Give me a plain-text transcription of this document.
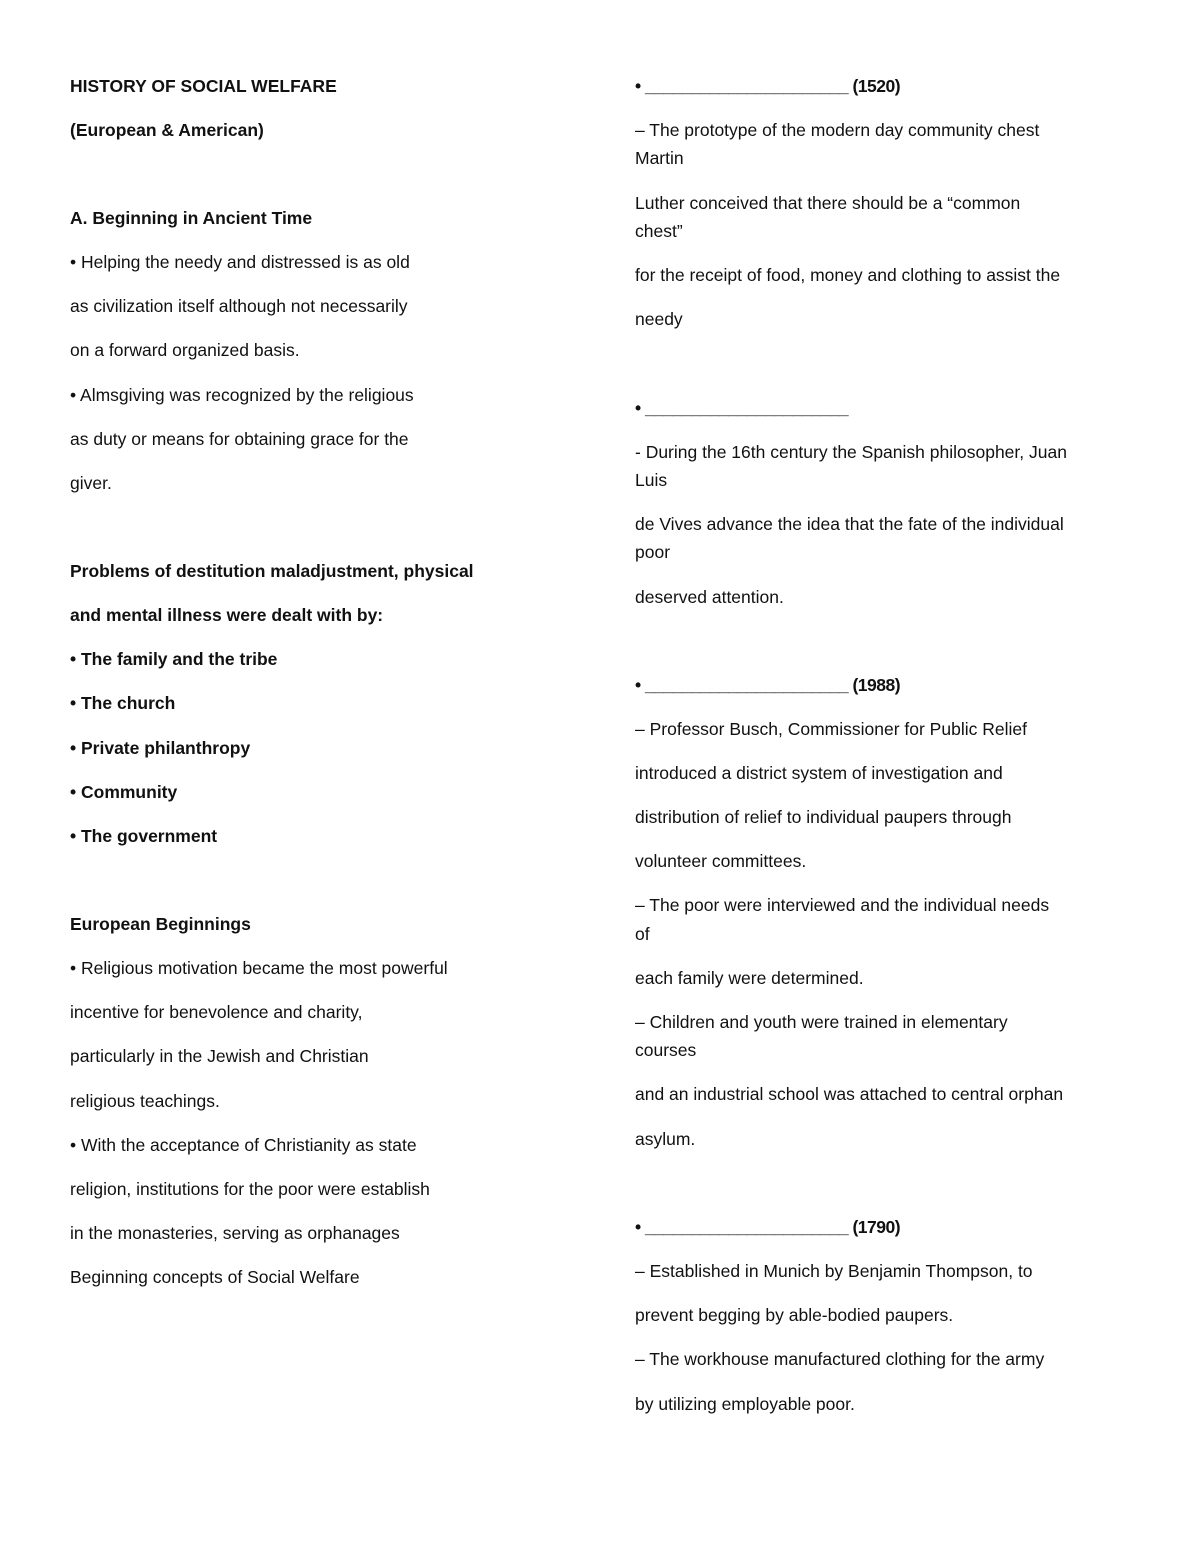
HISTORY OF SOCIAL WELFARE
(European & American)
A. Beginning in Ancient Time
• Helping the needy and distressed is as old
as civilization itself although not necessarily
on a forward organized basis.
• Almsgiving was recognized by the religious
as duty or means for obtaining grace for the
giver.
Problems of destitution maladjustment, physical
and mental illness were dealt with by:
• The family and the tribe
• The church
• Private philanthropy
• Community
• The government
European Beginnings
• Religious motivation became the most powerful
incentive for benevolence and charity,
particularly in the Jewish and Christian
religious teachings.
• With the acceptance of Christianity as state
religion, institutions for the poor were establish
in the monasteries, serving as orphanages
Beginning concepts of Social Welfare
• ______________________ (1520)
– The prototype of the modern day community chest
Martin
Luther conceived that there should be a “common
chest”
for the receipt of food, money and clothing to assist the
needy
• ______________________
- During the 16th century the Spanish philosopher, Juan
Luis
de Vives advance the idea that the fate of the individual
poor
deserved attention.
• ______________________ (1988)
– Professor Busch, Commissioner for Public Relief
introduced a district system of investigation and
distribution of relief to individual paupers through
volunteer committees.
– The poor were interviewed and the individual needs
of
each family were determined.
– Children and youth were trained in elementary
courses
and an industrial school was attached to central orphan
asylum.
• ______________________ (1790)
– Established in Munich by Benjamin Thompson, to
prevent begging by able-bodied paupers.
– The workhouse manufactured clothing for the army
by utilizing employable poor.
